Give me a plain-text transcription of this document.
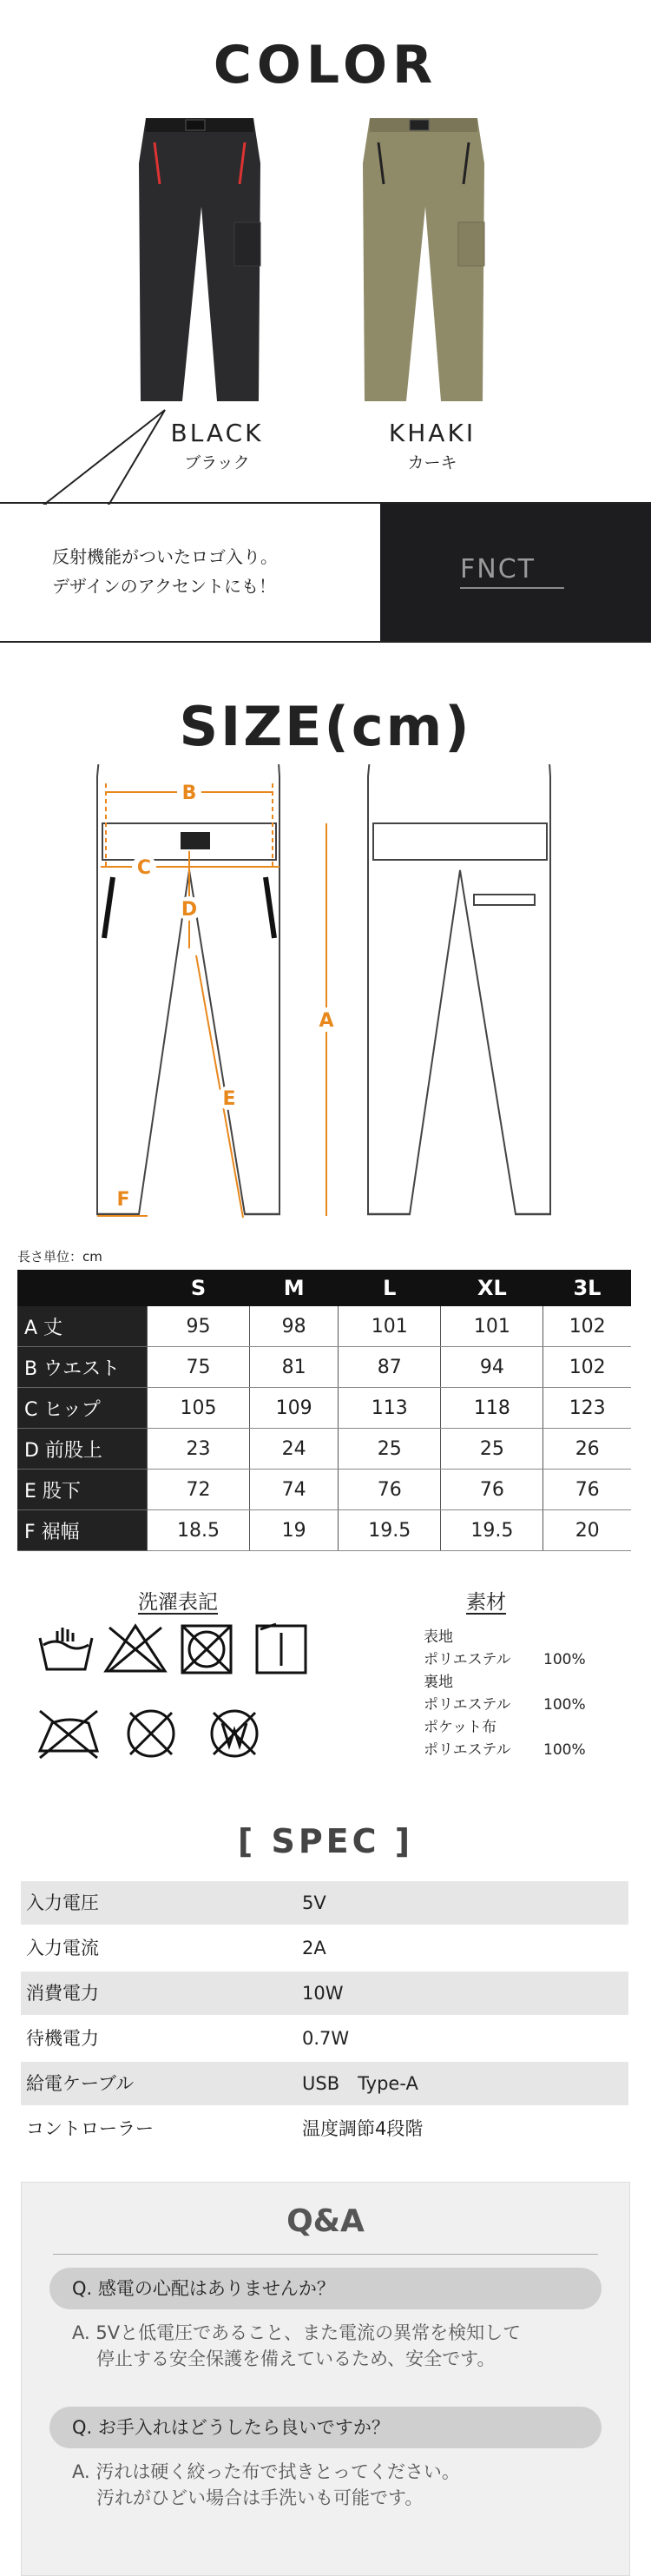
COLOR
BLACK
ブラック
KHAKI
カーキ
反射機能がついたロゴ入り。
デザインのアクセントにも！
FNCT
SIZE(cm)
B
C
D
A
E
F
長さ単位：cm
	S	M	L	XL	3L
A 丈	95	98	101	101	102
B ウエスト	75	81	87	94	102
C ヒップ	105	109	113	118	123
D 前股上	23	24	25	25	26
E 股下	72	74	76	76	76
F 裾幅	18.5	19	19.5	19.5	20
洗濯表記	素材
表地
ポリエステル 100%
裏地
ポリエステル 100%
ポケット布
ポリエステル 100%
[ SPEC ]
入力電圧	5V
入力電流	2A
消費電力	10W
待機電力	0.7W
給電ケーブル	USB　Type-A
コントローラー	温度調節4段階
Q&A
Q. 感電の心配はありませんか？
A. 5Vと低電圧であること、また電流の異常を検知して
停止する安全保護を備えているため、安全です。
Q. お手入れはどうしたら良いですか？
A. 汚れは硬く絞った布で拭きとってください。
汚れがひどい場合は手洗いも可能です。
